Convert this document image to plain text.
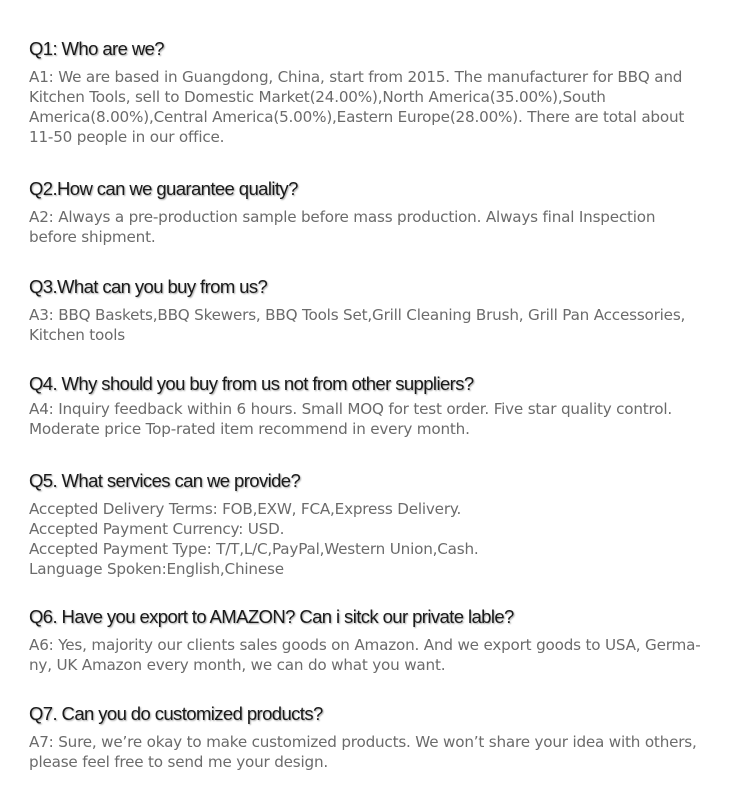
Q1: Who are we?
A1: We are based in Guangdong, China, start from 2015. The manufacturer for BBQ and
Kitchen Tools, sell to Domestic Market(24.00%),North America(35.00%),South
America(8.00%),Central America(5.00%),Eastern Europe(28.00%). There are total about
11-50 people in our office.
Q2.How can we guarantee quality?
A2: Always a pre-production sample before mass production. Always final Inspection
before shipment.
Q3.What can you buy from us?
A3: BBQ Baskets,BBQ Skewers, BBQ Tools Set,Grill Cleaning Brush, Grill Pan Accessories,
Kitchen tools
Q4. Why should you buy from us not from other suppliers?
A4: Inquiry feedback within 6 hours. Small MOQ for test order. Five star quality control.
Moderate price Top-rated item recommend in every month.
Q5. What services can we provide?
Accepted Delivery Terms: FOB,EXW, FCA,Express Delivery.
Accepted Payment Currency: USD.
Accepted Payment Type: T/T,L/C,PayPal,Western Union,Cash.
Language Spoken:English,Chinese
Q6. Have you export to AMAZON? Can i sitck our private lable?
A6: Yes, majority our clients sales goods on Amazon. And we export goods to USA, Germa-
ny, UK Amazon every month, we can do what you want.
Q7. Can you do customized products?
A7: Sure, we’re okay to make customized products. We won’t share your idea with others,
please feel free to send me your design.
